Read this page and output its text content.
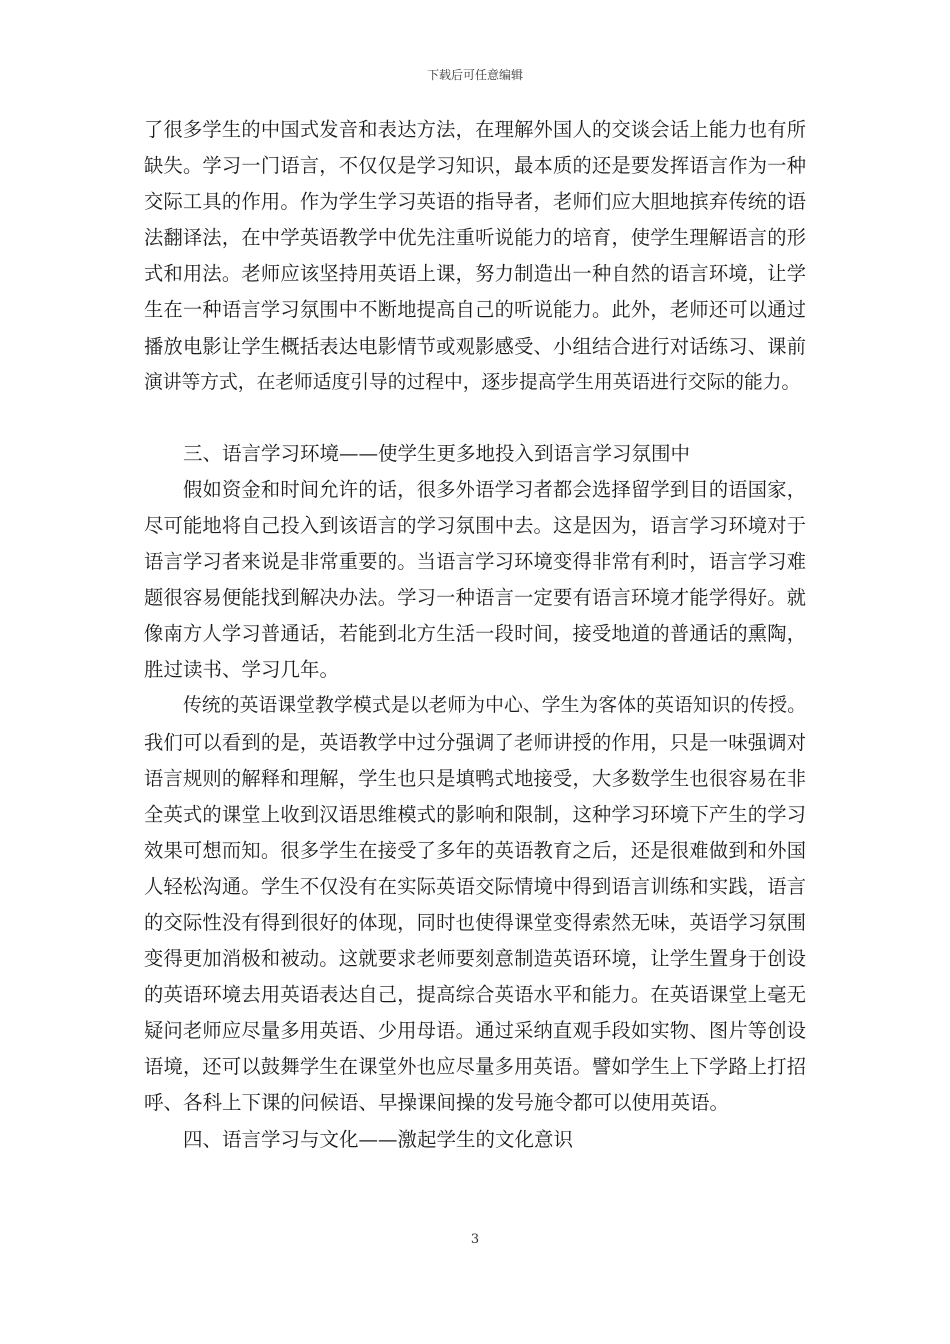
下载后可任意编辑
了很多学生的中国式发音和表达方法，在理解外国人的交谈会话上能力也有所
缺失。学习一门语言，不仅仅是学习知识，最本质的还是要发挥语言作为一种
交际工具的作用。作为学生学习英语的指导者，老师们应大胆地摈弃传统的语
法翻译法，在中学英语教学中优先注重听说能力的培育，使学生理解语言的形
式和用法。老师应该坚持用英语上课，努力制造出一种自然的语言环境，让学
生在一种语言学习氛围中不断地提高自己的听说能力。此外，老师还可以通过
播放电影让学生概括表达电影情节或观影感受、小组结合进行对话练习、课前
演讲等方式，在老师适度引导的过程中，逐步提高学生用英语进行交际的能力。
三、语言学习环境——使学生更多地投入到语言学习氛围中
假如资金和时间允许的话，很多外语学习者都会选择留学到目的语国家，
尽可能地将自己投入到该语言的学习氛围中去。这是因为，语言学习环境对于
语言学习者来说是非常重要的。当语言学习环境变得非常有利时，语言学习难
题很容易便能找到解决办法。学习一种语言一定要有语言环境才能学得好。就
像南方人学习普通话，若能到北方生活一段时间，接受地道的普通话的熏陶，
胜过读书、学习几年。
传统的英语课堂教学模式是以老师为中心、学生为客体的英语知识的传授。
我们可以看到的是，英语教学中过分强调了老师讲授的作用，只是一味强调对
语言规则的解释和理解，学生也只是填鸭式地接受，大多数学生也很容易在非
全英式的课堂上收到汉语思维模式的影响和限制，这种学习环境下产生的学习
效果可想而知。很多学生在接受了多年的英语教育之后，还是很难做到和外国
人轻松沟通。学生不仅没有在实际英语交际情境中得到语言训练和实践，语言
的交际性没有得到很好的体现，同时也使得课堂变得索然无味，英语学习氛围
变得更加消极和被动。这就要求老师要刻意制造英语环境，让学生置身于创设
的英语环境去用英语表达自己，提高综合英语水平和能力。在英语课堂上毫无
疑问老师应尽量多用英语、少用母语。通过采纳直观手段如实物、图片等创设
语境，还可以鼓舞学生在课堂外也应尽量多用英语。譬如学生上下学路上打招
呼、各科上下课的问候语、早操课间操的发号施令都可以使用英语。
四、语言学习与文化——激起学生的文化意识
3
